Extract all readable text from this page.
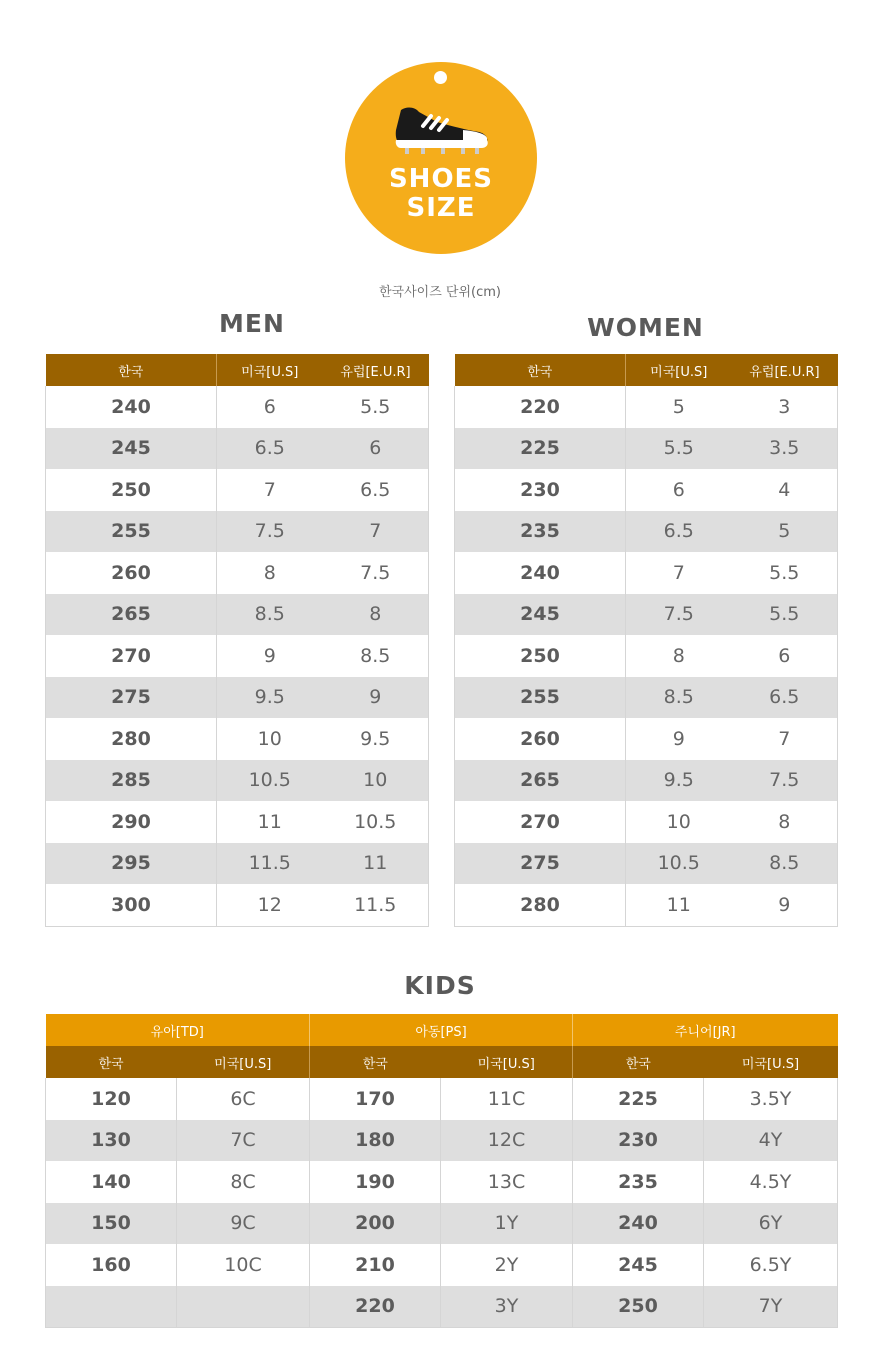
SHOES
SIZE
한국사이즈 단위(cm)
MEN	WOMEN
한국	미국[U.S]	유럽[E.U.R]
240	6	5.5
245	6.5	6
250	7	6.5
255	7.5	7
260	8	7.5
265	8.5	8
270	9	8.5
275	9.5	9
280	10	9.5
285	10.5	10
290	11	10.5
295	11.5	11
300	12	11.5
한국	미국[U.S]	유럽[E.U.R]
220	5	3
225	5.5	3.5
230	6	4
235	6.5	5
240	7	5.5
245	7.5	5.5
250	8	6
255	8.5	6.5
260	9	7
265	9.5	7.5
270	10	8
275	10.5	8.5
280	11	9
KIDS
유아[TD]		아동[PS]		주니어[JR]	
한국	미국[U.S]	한국	미국[U.S]	한국	미국[U.S]
120	6C	170	11C	225	3.5Y
130	7C	180	12C	230	4Y
140	8C	190	13C	235	4.5Y
150	9C	200	1Y	240	6Y
160	10C	210	2Y	245	6.5Y
		220	3Y	250	7Y
